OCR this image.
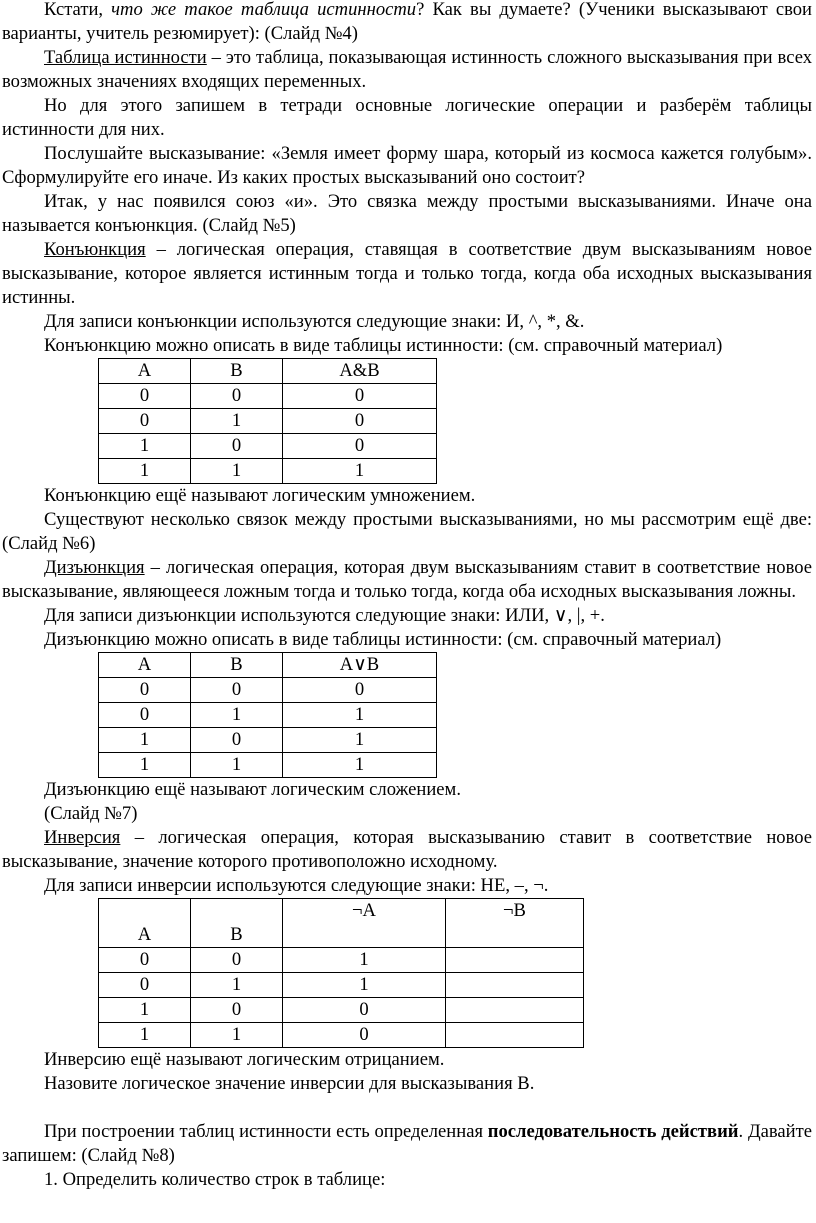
Кстати, что же такое таблица истинности? Как вы думаете? (Ученики высказывают свои варианты, учитель резюмирует): (Слайд №4)

Таблица истинности – это таблица, показывающая истинность сложного высказывания при всех возможных значениях входящих переменных.

Но для этого запишем в тетради основные логические операции и разберём таблицы истинности для них.

Послушайте высказывание: «Земля имеет форму шара, который из космоса кажется голубым». Сформулируйте его иначе. Из каких простых высказываний оно состоит?

Итак, у нас появился союз «и». Это связка между простыми высказываниями. Иначе она называется конъюнкция. (Слайд №5)

Конъюнкция – логическая операция, ставящая в соответствие двум высказываниям новое высказывание, которое является истинным тогда и только тогда, когда оба исходных высказывания истинны.

Для записи конъюнкции используются следующие знаки: И, ^, *, &.

Конъюнкцию можно описать в виде таблицы истинности: (см. справочный материал)

A	B	A&B
0	0	0
0	1	0
1	0	0
1	1	1

Конъюнкцию ещё называют логическим умножением.

Существуют несколько связок между простыми высказываниями, но мы рассмотрим ещё две: (Слайд №6)

Дизъюнкция – логическая операция, которая двум высказываниям ставит в соответствие новое высказывание, являющееся ложным тогда и только тогда, когда оба исходных высказывания ложны.

Для записи дизъюнкции используются следующие знаки: ИЛИ, ∨, |, +.

Дизъюнкцию можно описать в виде таблицы истинности: (см. справочный материал)

A	B	A∨B
0	0	0
0	1	1
1	0	1
1	1	1

Дизъюнкцию ещё называют логическим сложением.

(Слайд №7)

Инверсия – логическая операция, которая высказыванию ставит в соответствие новое высказывание, значение которого противоположно исходному.

Для записи инверсии используются следующие знаки: НЕ, –, ¬.

A	B	¬A	¬B
0	0	1	
0	1	1	
1	0	0	
1	1	0	

Инверсию ещё называют логическим отрицанием.

Назовите логическое значение инверсии для высказывания B.

При построении таблиц истинности есть определенная последовательность действий. Давайте запишем: (Слайд №8)

1. Определить количество строк в таблице:
